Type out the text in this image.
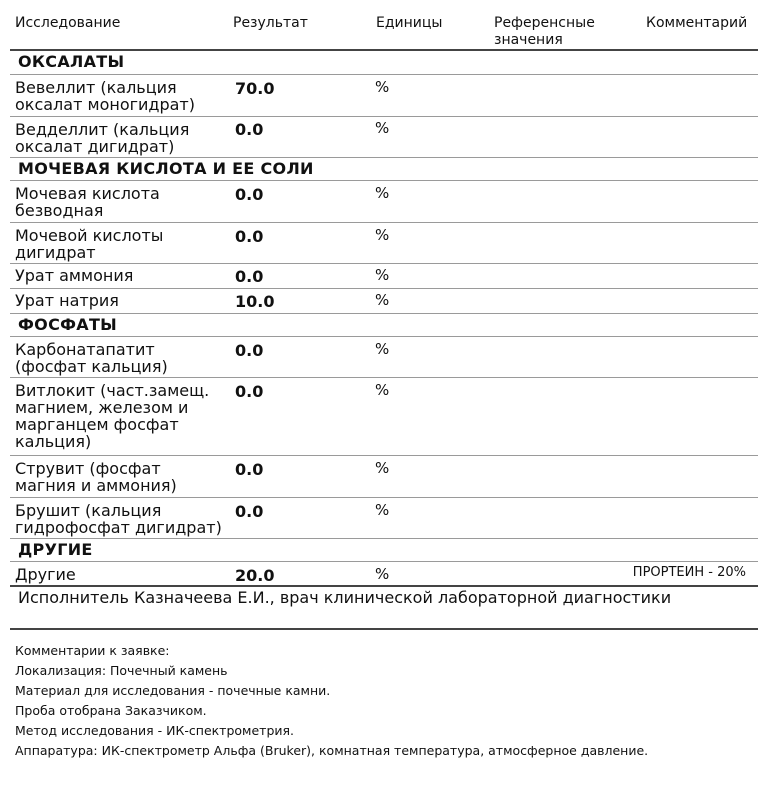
Исследование	Результат	Единицы	Референсные
значения
Комментарий
ОКСАЛАТЫ
Вевеллит (кальция
оксалат моногидрат)
70.0	%
Ведделлит (кальция
оксалат дигидрат)
0.0	%
МОЧЕВАЯ КИСЛОТА И ЕЕ СОЛИ
Мочевая кислота
безводная
0.0	%
Мочевой кислоты
дигидрат
0.0	%
Урат аммония	0.0	%
Урат натрия	10.0	%
ФОСФАТЫ
Карбонатапатит
(фосфат кальция)
0.0	%
Витлокит (част.замещ.
магнием, железом и
марганцем фосфат
кальция)
0.0	%
Струвит (фосфат
магния и аммония)
0.0	%
Брушит (кальция
гидрофосфат дигидрат)
0.0	%
ДРУГИЕ
Другие	20.0	%	ПРОРТЕИН - 20%
Исполнитель Казначеева Е.И., врач клинической лабораторной диагностики
Комментарии к заявке:
Локализация: Почечный камень
Материал для исследования - почечные камни.
Проба отобрана Заказчиком.
Метод исследования - ИК-спектрометрия.
Аппаратура: ИК-спектрометр Альфа (Bruker), комнатная температура, атмосферное давление.
